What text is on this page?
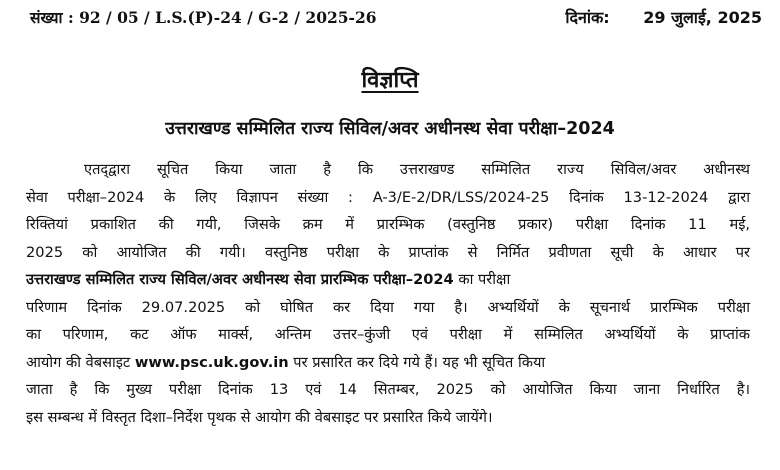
संख्या : 92 / 05 / L.S.(P)-24 / G-2 / 2025-26	दिनांक: 29 जुलाई, 2025
विज्ञप्ति
उत्तराखण्ड सम्मिलित राज्य सिविल/अवर अधीनस्थ सेवा परीक्षा–2024
एतद्‌द्वारा सूचित किया जाता है कि उत्तराखण्ड सम्मिलित राज्य सिविल/अवर अधीनस्थ
सेवा परीक्षा–2024 के लिए विज्ञापन संख्या : A-3/E-2/DR/LSS/2024-25 दिनांक 13-12-2024 द्वारा
रिक्तियां प्रकाशित की गयी, जिसके क्रम में प्रारम्भिक (वस्तुनिष्ठ प्रकार) परीक्षा दिनांक 11 मई,
2025 को आयोजित की गयी। वस्तुनिष्ठ परीक्षा के प्राप्तांक से निर्मित प्रवीणता सूची के आधार पर
उत्तराखण्ड सम्मिलित राज्य सिविल/अवर अधीनस्थ सेवा प्रारम्भिक परीक्षा–2024 का परीक्षा
परिणाम दिनांक 29.07.2025 को घोषित कर दिया गया है। अभ्यर्थियों के सूचनार्थ प्रारम्भिक परीक्षा
का परिणाम, कट ऑफ मार्क्स, अन्तिम उत्तर–कुंजी एवं परीक्षा में सम्मिलित अभ्यर्थियों के प्राप्तांक
आयोग की वेबसाइट www.psc.uk.gov.in पर प्रसारित कर दिये गये हैं। यह भी सूचित किया
जाता है कि मुख्य परीक्षा दिनांक 13 एवं 14 सितम्बर, 2025 को आयोजित किया जाना निर्धारित है।
इस सम्बन्ध में विस्तृत दिशा–निर्देश पृथक से आयोग की वेबसाइट पर प्रसारित किये जायेंगे।
